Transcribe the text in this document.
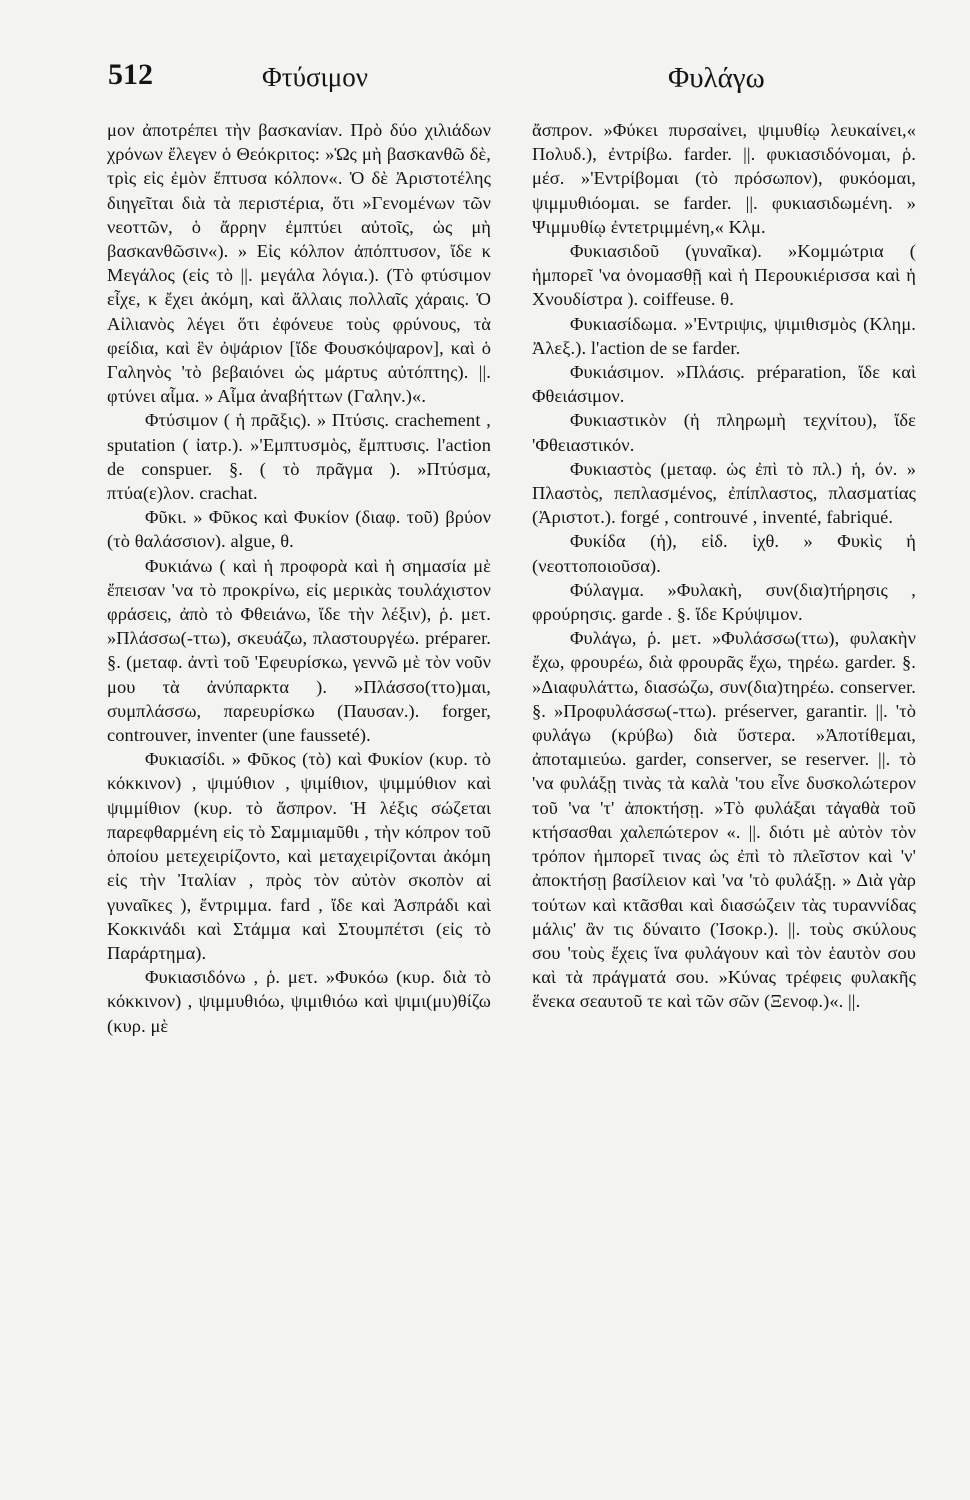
512	Φτύσιμον	Φυλάγω

μον ἀποτρέπει τὴν βασκανίαν. Πρὸ δύο χιλιάδων χρόνων ἔλεγεν ὁ Θεόκριτος: »Ὡς μὴ βασκανθῶ δὲ, τρὶς εἰς ἐμὸν ἔπτυσα κόλπον«. Ὁ δὲ Ἀριστοτέλης διηγεῖται διὰ τὰ περιστέρια, ὅτι »Γενομένων τῶν νεοττῶν, ὁ ἄρρην ἐμπτύει αὐτοῖς, ὡς μὴ βασκανθῶσιν«). » Εἰς κόλπον ἀπόπτυσον, ἴδε κ Μεγάλος (εἰς τὸ ||. μεγάλα λόγια.). (Τὸ φτύσιμον εἶχε, κ ἔχει ἀκόμη, καὶ ἄλλαις πολλαῖς χάραις. Ὁ Αἰλιανὸς λέγει ὅτι ἐφόνευε τοὺς φρύνους, τὰ φείδια, καὶ ἓν ὀψάριον [ἴδε Φουσκόψαρον], καὶ ὁ Γαληνὸς 'τὸ βεβαιόνει ὡς μάρτυς αὐτόπτης). ||. φτύνει αἷμα. » Αἷμα ἀναβήττων (Γαλην.)«.

Φτύσιμον ( ἡ πρᾶξις). » Πτύσις. crachement , sputation ( ἰατρ.). »'Εμπτυσμὸς, ἔμπτυσις. l'action de conspuer. §. ( τὸ πρᾶγμα ). »Πτύσμα, πτύα(ε)λον. crachat.

Φῦκι. » Φῦκος καὶ Φυκίον (διαφ. τοῦ) βρύον (τὸ θαλάσσιον). algue, θ.

Φυκιάνω ( καὶ ἡ προφορὰ καὶ ἡ σημασία μὲ ἔπεισαν 'να τὸ προκρίνω, εἰς μερικὰς τουλάχιστον φράσεις, ἀπὸ τὸ Φθειάνω, ἴδε τὴν λέξιν), ῥ. μετ. »Πλάσσω(-ττω), σκευάζω, πλαστουργέω. préparer. §. (μεταφ. ἀντὶ τοῦ 'Εφευρίσκω, γεννῶ μὲ τὸν νοῦν μου τὰ ἀνύπαρκτα ). »Πλάσσο(ττο)μαι, συμπλάσσω, παρευρίσκω (Παυσαν.). forger, controuver, inventer (une fausseté).

Φυκιασίδι. » Φῦκος (τὸ) καὶ Φυκίον (κυρ. τὸ κόκκινον) , ψιμύθιον , ψιμίθιον, ψιμμύθιον καὶ ψιμμίθιον (κυρ. τὸ ἄσπρον. Ἡ λέξις σώζεται παρεφθαρμένη εἰς τὸ Σαμμιαμῦθι , τὴν κόπρον τοῦ ὁποίου μετεχειρίζοντο, καὶ μεταχειρίζονται ἀκόμη εἰς τὴν Ἰταλίαν , πρὸς τὸν αὐτὸν σκοπὸν αἱ γυναῖκες ), ἔντριμμα. fard , ἴδε καὶ Ἀσπράδι καὶ Κοκκινάδι καὶ Στάμμα καὶ Στουμπέτσι (εἰς τὸ Παράρτημα).

Φυκιασιδόνω , ῥ. μετ. »Φυκόω (κυρ. διὰ τὸ κόκκινον) , ψιμμυθιόω, ψιμιθιόω καὶ ψιμι(μυ)θίζω (κυρ. μὲ

ἄσπρον. »Φύκει πυρσαίνει, ψιμυθίῳ λευκαίνει,« Πολυδ.), ἐντρίβω. farder. ||. φυκιασιδόνομαι, ῥ. μέσ. »'Εντρίβομαι (τὸ πρόσωπον), φυκόομαι, ψιμμυθιόομαι. se farder. ||. φυκιασιδωμένη. » Ψιμμυθίῳ ἐντετριμμένη,« Κλμ.

Φυκιασιδοῦ (γυναῖκα). »Κομμώτρια ( ἠμπορεῖ 'να ὀνομασθῇ καὶ ἡ Περουκιέρισσα καὶ ἡ Χνουδίστρα ). coiffeuse. θ.

Φυκιασίδωμα. »'Εντριψις, ψιμιθισμὸς (Κλημ. Ἀλεξ.). l'action de se farder.

Φυκιάσιμον. »Πλάσις. préparation, ἴδε καὶ Φθειάσιμον.

Φυκιαστικὸν (ἡ πληρωμὴ τεχνίτου), ἴδε 'Φθειαστικόν.

Φυκιαστὸς (μεταφ. ὡς ἐπὶ τὸ πλ.) ἡ, όν. » Πλαστὸς, πεπλασμένος, ἐπίπλαστος, πλασματίας (Ἀριστοτ.). forgé , controuvé , inventé, fabriqué.

Φυκίδα (ἡ), εἰδ. ἰχθ. » Φυκὶς ἡ (νεοττοποιοῦσα).

Φύλαγμα. »Φυλακὴ, συν(δια)τήρησις , φρούρησις. garde . §. ἴδε Κρύψιμον.

Φυλάγω, ῥ. μετ. »Φυλάσσω(ττω), φυλακὴν ἔχω, φρουρέω, διὰ φρουρᾶς ἔχω, τηρέω. garder. §. »Διαφυλάττω, διασώζω, συν(δια)τηρέω. conserver. §. »Προφυλάσσω(-ττω). préserver, garantir. ||. 'τὸ φυλάγω (κρύβω) διὰ ὕστερα. »Ἀποτίθεμαι, ἀποταμιεύω. garder, conserver, se reserver. ||. τὸ 'να φυλάξῃ τινὰς τὰ καλὰ 'του εἶνε δυσκολώτερον τοῦ 'να 'τ' ἀποκτήσῃ. »Τὸ φυλάξαι τἀγαθὰ τοῦ κτήσασθαι χαλεπώτερον «. ||. διότι μὲ αὐτὸν τὸν τρόπον ἠμπορεῖ τινας ὡς ἐπὶ τὸ πλεῖστον καὶ 'ν' ἀποκτήσῃ βασίλειον καὶ 'να 'τὸ φυλάξῃ. » Διὰ γὰρ τούτων καὶ κτᾶσθαι καὶ διασώζειν τὰς τυραννίδας μάλις' ἂν τις δύναιτο (Ἰσοκρ.). ||. τοὺς σκύλους σου 'τοὺς ἔχεις ἵνα φυλάγουν καὶ τὸν ἑαυτὸν σου καὶ τὰ πράγματά σου. »Κύνας τρέφεις φυλακῆς ἕνεκα σεαυτοῦ τε καὶ τῶν σῶν (Ξενοφ.)«. ||.
